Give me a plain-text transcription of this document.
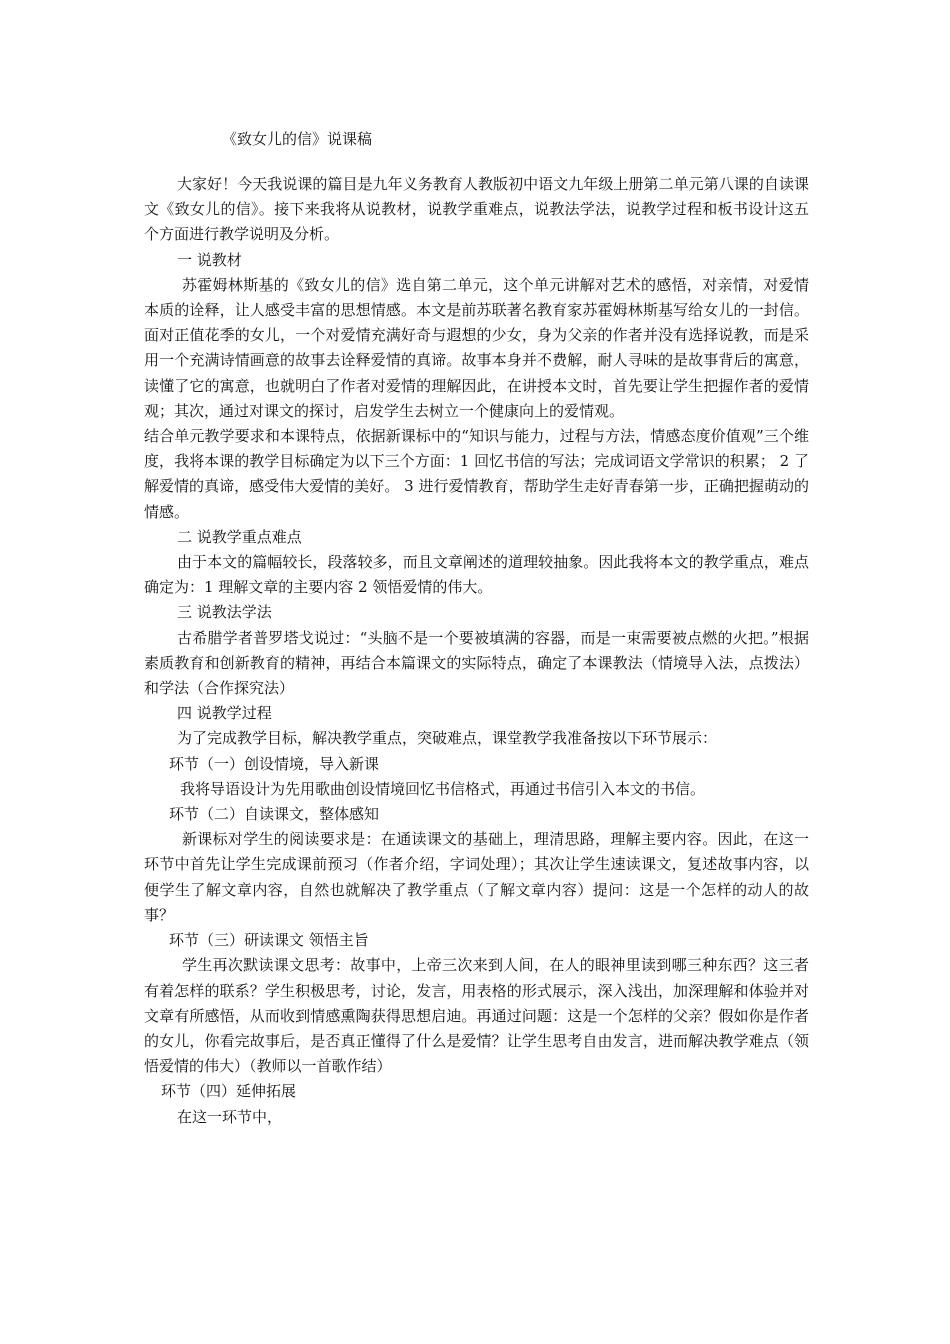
《致女儿的信》说课稿

大家好！今天我说课的篇目是九年义务教育人教版初中语文九年级上册第二单元第八课的自读课文《致女儿的信》。接下来我将从说教材，说教学重难点，说教法学法，说教学过程和板书设计这五个方面进行教学说明及分析。

一 说教材

苏霍姆林斯基的《致女儿的信》选自第二单元，这个单元讲解对艺术的感悟，对亲情，对爱情本质的诠释，让人感受丰富的思想情感。本文是前苏联著名教育家苏霍姆林斯基写给女儿的一封信。面对正值花季的女儿，一个对爱情充满好奇与遐想的少女，身为父亲的作者并没有选择说教，而是采用一个充满诗情画意的故事去诠释爱情的真谛。故事本身并不费解，耐人寻味的是故事背后的寓意，读懂了它的寓意，也就明白了作者对爱情的理解因此，在讲授本文时，首先要让学生把握作者的爱情观；其次，通过对课文的探讨，启发学生去树立一个健康向上的爱情观。

结合单元教学要求和本课特点，依据新课标中的“知识与能力，过程与方法，情感态度价值观”三个维度，我将本课的教学目标确定为以下三个方面：1 回忆书信的写法；完成词语文学常识的积累； 2 了解爱情的真谛，感受伟大爱情的美好。 3 进行爱情教育，帮助学生走好青春第一步，正确把握萌动的情感。

二 说教学重点难点

由于本文的篇幅较长，段落较多，而且文章阐述的道理较抽象。因此我将本文的教学重点，难点确定为：1 理解文章的主要内容 2 领悟爱情的伟大。

三 说教法学法

古希腊学者普罗塔戈说过：“头脑不是一个要被填满的容器，而是一束需要被点燃的火把。”根据素质教育和创新教育的精神，再结合本篇课文的实际特点，确定了本课教法（情境导入法，点拨法）和学法（合作探究法）

四 说教学过程

为了完成教学目标，解决教学重点，突破难点，课堂教学我准备按以下环节展示：

环节（一）创设情境，导入新课

我将导语设计为先用歌曲创设情境回忆书信格式，再通过书信引入本文的书信。

环节（二）自读课文，整体感知

新课标对学生的阅读要求是：在通读课文的基础上，理清思路，理解主要内容。因此，在这一环节中首先让学生完成课前预习（作者介绍，字词处理）；其次让学生速读课文，复述故事内容，以便学生了解文章内容，自然也就解决了教学重点（了解文章内容）提问：这是一个怎样的动人的故事？

环节（三）研读课文 领悟主旨

学生再次默读课文思考：故事中，上帝三次来到人间，在人的眼神里读到哪三种东西？这三者有着怎样的联系？学生积极思考，讨论，发言，用表格的形式展示，深入浅出，加深理解和体验并对文章有所感悟，从而收到情感熏陶获得思想启迪。再通过问题：这是一个怎样的父亲？假如你是作者的女儿，你看完故事后，是否真正懂得了什么是爱情？让学生思考自由发言，进而解决教学难点（领悟爱情的伟大）（教师以一首歌作结）

环节（四）延伸拓展

在这一环节中，
